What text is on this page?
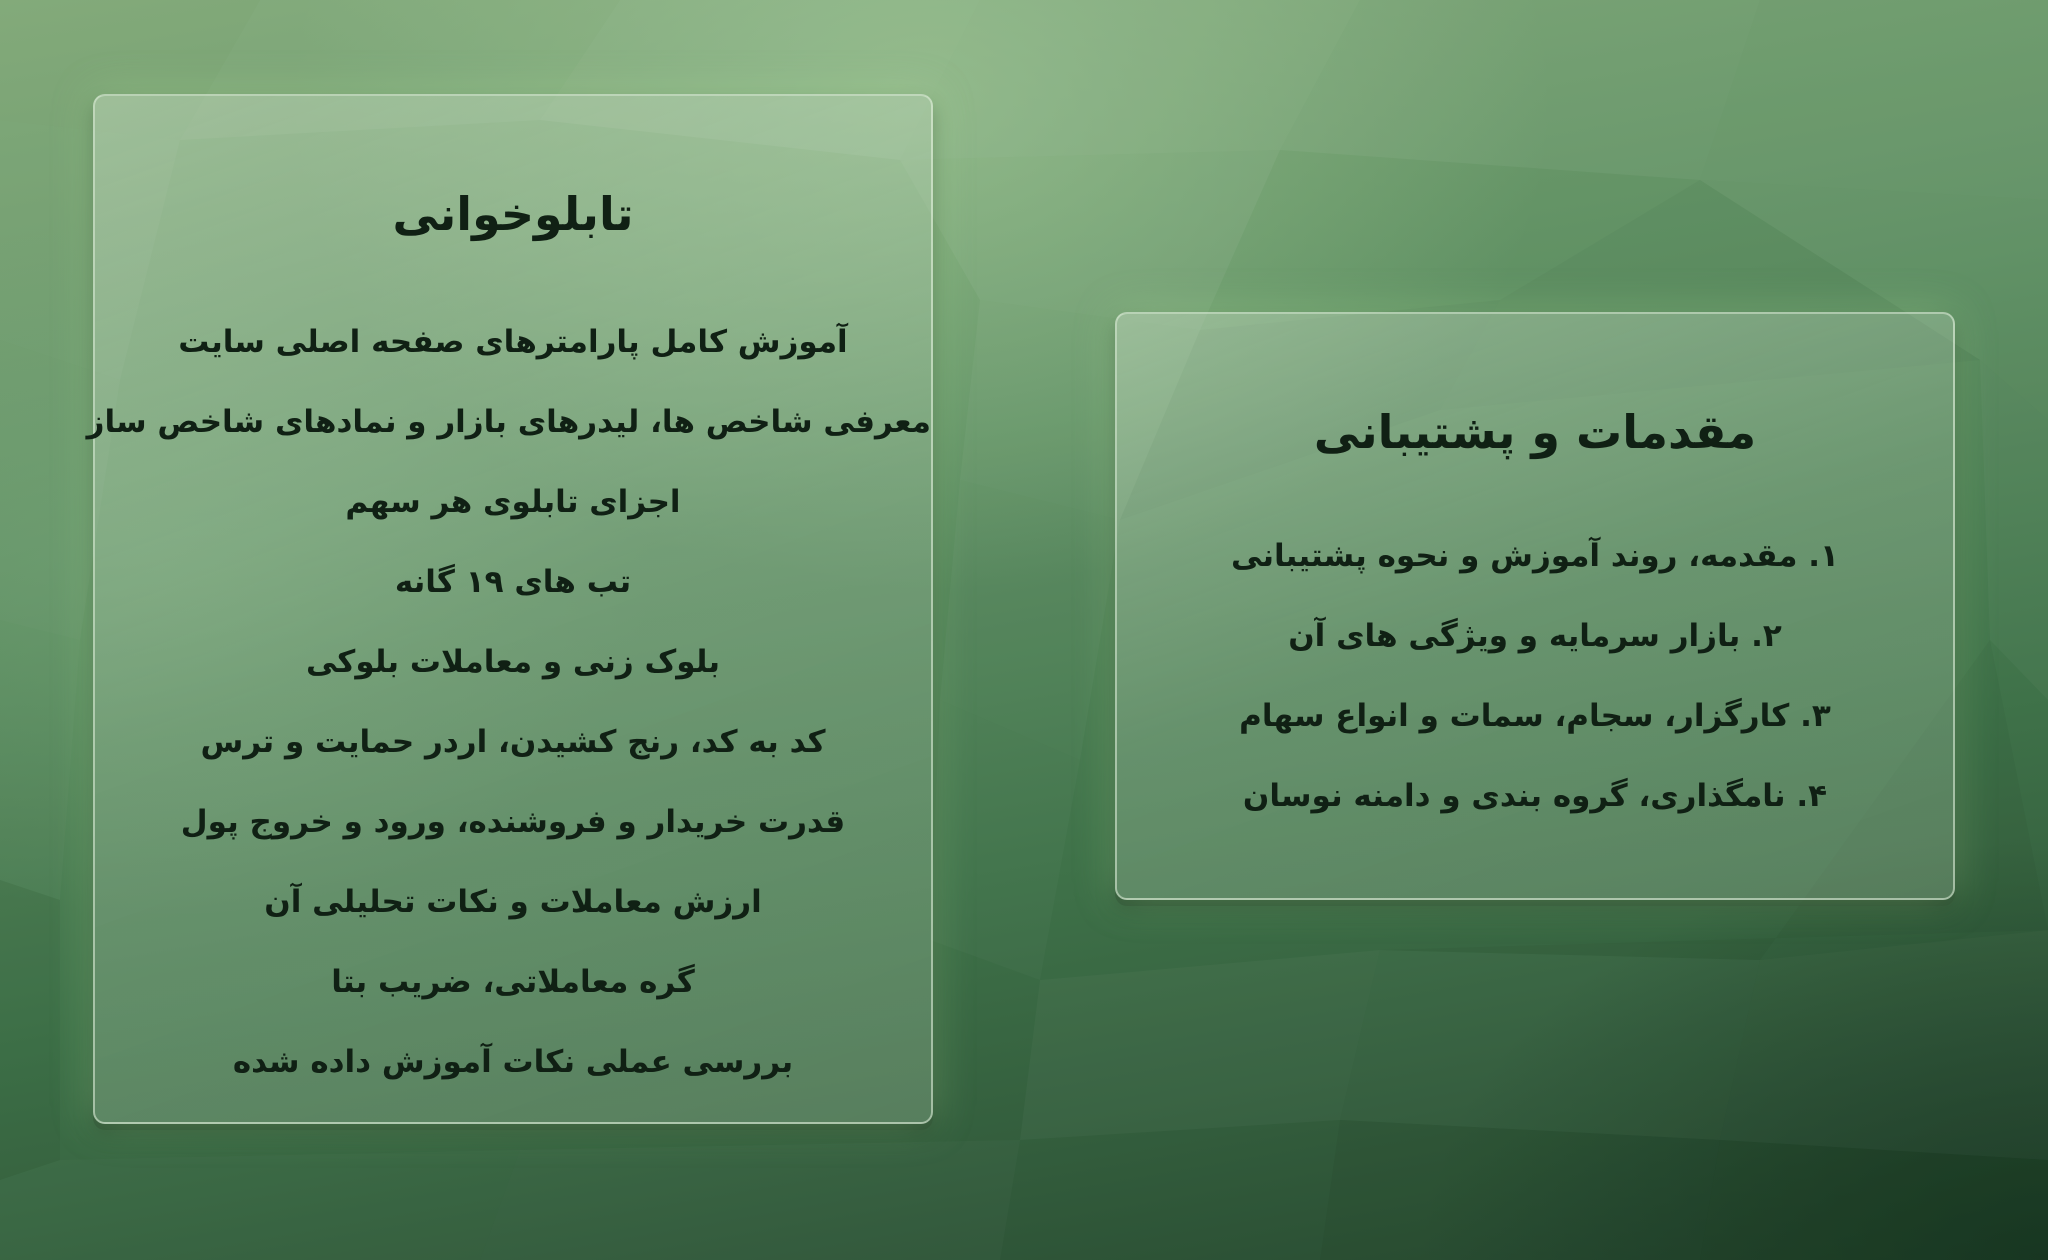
تابلوخوانی
آموزش کامل پارامترهای صفحه اصلی سایت
معرفی شاخص ها، لیدرهای بازار و نمادهای شاخص ساز
اجزای تابلوی هر سهم
تب های ۱۹ گانه
بلوک زنی و معاملات بلوکی
کد به کد، رنج کشیدن، اردر حمایت و ترس
قدرت خریدار و فروشنده، ورود و خروج پول
ارزش معاملات و نکات تحلیلی آن
گره معاملاتی، ضریب بتا
بررسی عملی نکات آموزش داده شده
مقدمات و پشتیبانی
۱. مقدمه، روند آموزش و نحوه پشتیبانی
۲. بازار سرمایه و ویژگی های آن
۳. کارگزار، سجام، سمات و انواع سهام
۴. نامگذاری، گروه بندی و دامنه نوسان
